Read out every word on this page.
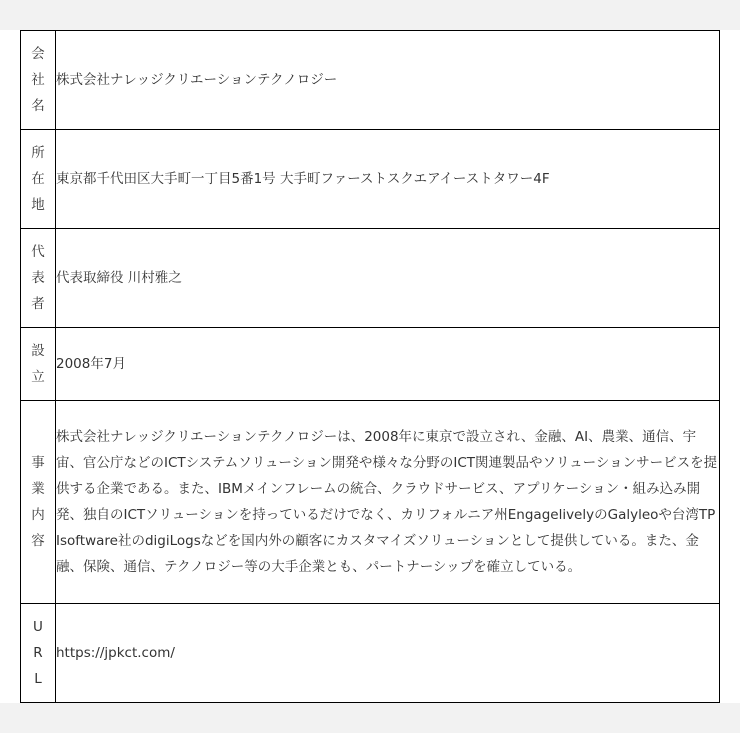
会社名	株式会社ナレッジクリエーションテクノロジー
所在地	東京都千代田区大手町一丁目5番1号 大手町ファーストスクエアイーストタワー4F
代表者	代表取締役 川村雅之
設立	2008年7月
事業内容	株式会社ナレッジクリエーションテクノロジーは、2008年に東京で設立され、金融、AI、農業、通信、宇宙、官公庁などのICTシステムソリューション開発や様々な分野のICT関連製品やソリューションサービスを提供する企業である。また、IBMメインフレームの統合、クラウドサービス、アプリケーション・組み込み開発、独自のICTソリューションを持っているだけでなく、カリフォルニア州EngagelivelyのGalyleoや台湾TPIsoftware社のdigiLogsなどを国内外の顧客にカスタマイズソリューションとして提供している。また、金融、保険、通信、テクノロジー等の大手企業とも、パートナーシップを確立している。
URL	https://jpkct.com/
